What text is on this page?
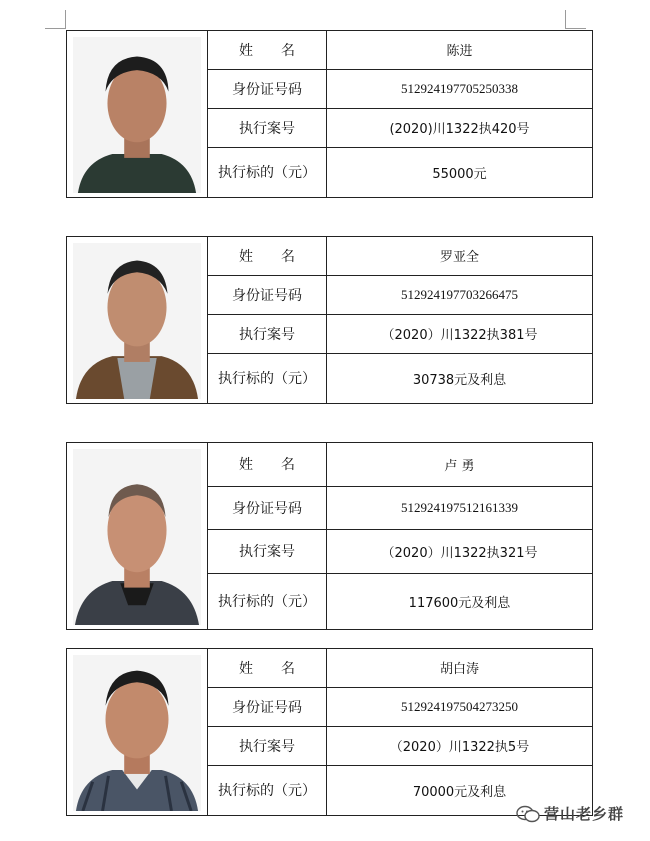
姓　　名	陈进
身份证号码	512924197705250338
执行案号	(2020)川1322执420号
执行标的（元）	55000元
姓　　名	罗亚全
身份证号码	512924197703266475
执行案号	（2020）川1322执381号
执行标的（元）	30738元及利息
姓　　名	卢 勇
身份证号码	512924197512161339
执行案号	（2020）川1322执321号
执行标的（元）	117600元及利息
姓　　名	胡白涛
身份证号码	512924197504273250
执行案号	（2020）川1322执5号
执行标的（元）	70000元及利息
营山老乡群
